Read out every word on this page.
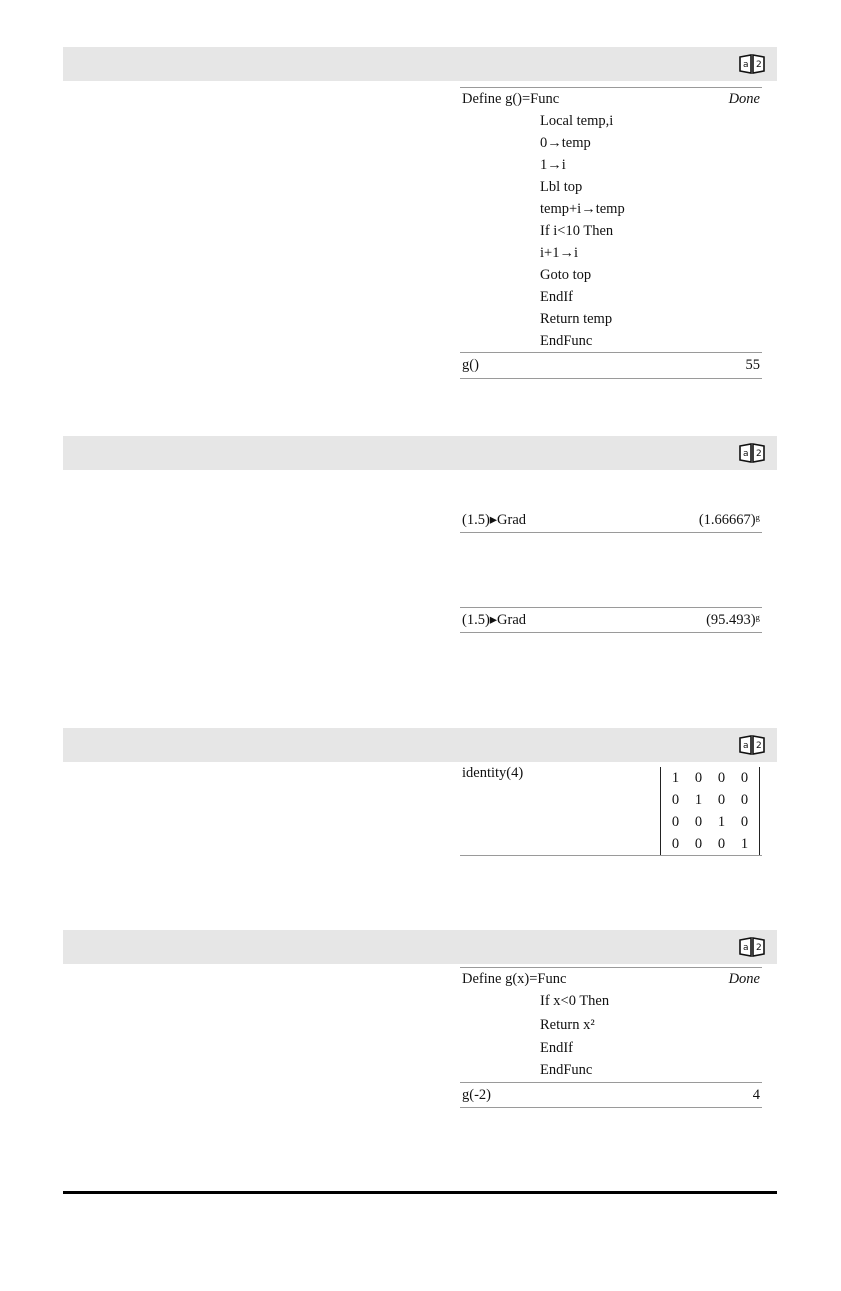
a 2
Define g()=Func	Done
Local temp,i
0→temp
1→i
Lbl top
temp+i→temp
If i<10 Then
i+1→i
Goto top
EndIf
Return temp
EndFunc
g()	55
a 2
(1.5)▸Grad	(1.66667)ᵍ
(1.5)▸Grad	(95.493)ᵍ
a 2
identity(4)	1	0	0	0
0	1	0	0
0	0	1	0
0	0	0	1
a 2
Define g(x)=Func	Done
If x<0 Then
Return x²
EndIf
EndFunc
g(-2)	4
